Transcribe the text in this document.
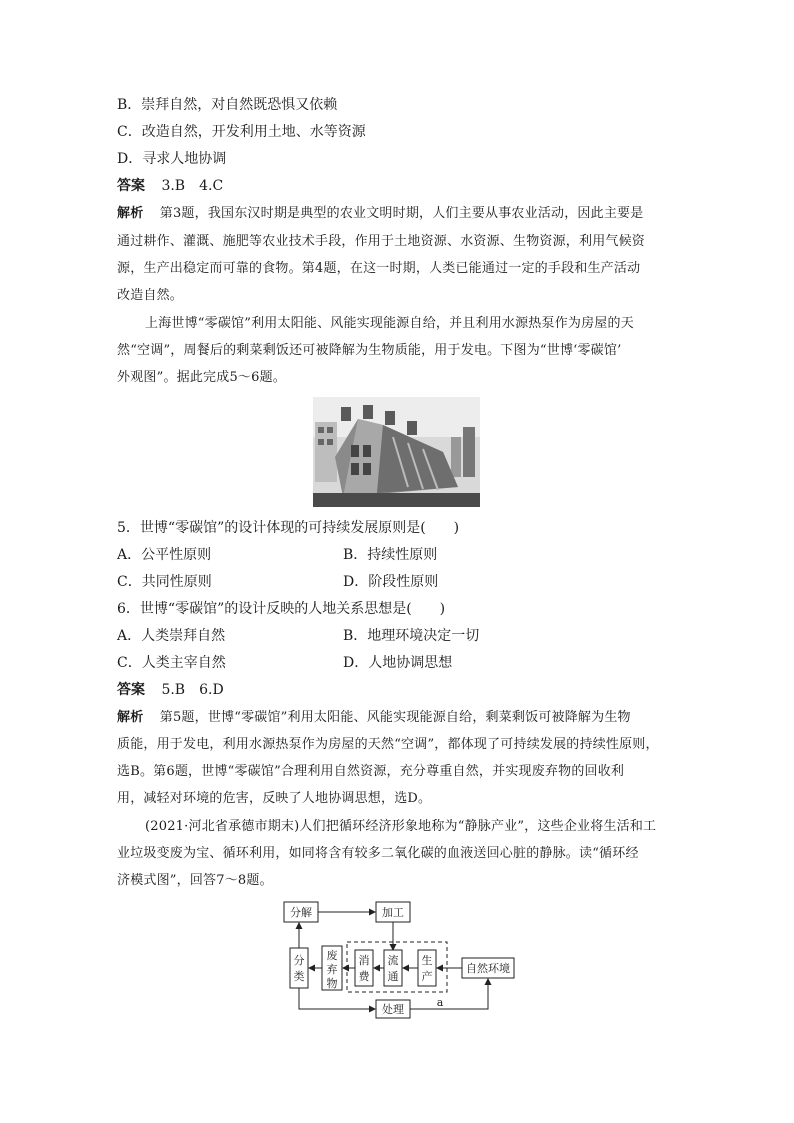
B．崇拜自然，对自然既恐惧又依赖
C．改造自然，开发利用土地、水等资源
D．寻求人地协调
答案 3.B　4.C
解析 第3题，我国东汉时期是典型的农业文明时期，人们主要从事农业活动，因此主要是
通过耕作、灌溉、施肥等农业技术手段，作用于土地资源、水资源、生物资源，利用气候资
源，生产出稳定而可靠的食物。第4题，在这一时期，人类已能通过一定的手段和生产活动
改造自然。
上海世博“零碳馆”利用太阳能、风能实现能源自给，并且利用水源热泵作为房屋的天
然“空调”，周餐后的剩菜剩饭还可被降解为生物质能，用于发电。下图为“世博‘零碳馆’
外观图”。据此完成5～6题。
5．世博“零碳馆”的设计体现的可持续发展原则是(　　)
A．公平性原则	B．持续性原则
C．共同性原则	D．阶段性原则
6．世博“零碳馆”的设计反映的人地关系思想是(　　)
A．人类崇拜自然	B．地理环境决定一切
C．人类主宰自然	D．人地协调思想
答案 5.B　6.D
解析 第5题，世博“零碳馆”利用太阳能、风能实现能源自给，剩菜剩饭可被降解为生物
质能，用于发电，利用水源热泵作为房屋的天然“空调”，都体现了可持续发展的持续性原则，
选B。第6题，世博“零碳馆”合理利用自然资源，充分尊重自然，并实现废弃物的回收利
用，减轻对环境的危害，反映了人地协调思想，选D。
(2021·河北省承德市期末)人们把循环经济形象地称为“静脉产业”，这些企业将生活和工
业垃圾变废为宝、循环利用，如同将含有较多二氧化碳的血液送回心脏的静脉。读“循环经
济模式图”，回答7～8题。
分解	加工
分
类
废
弃
物
消
费
流
通
生
产
自然环境
处理
a
